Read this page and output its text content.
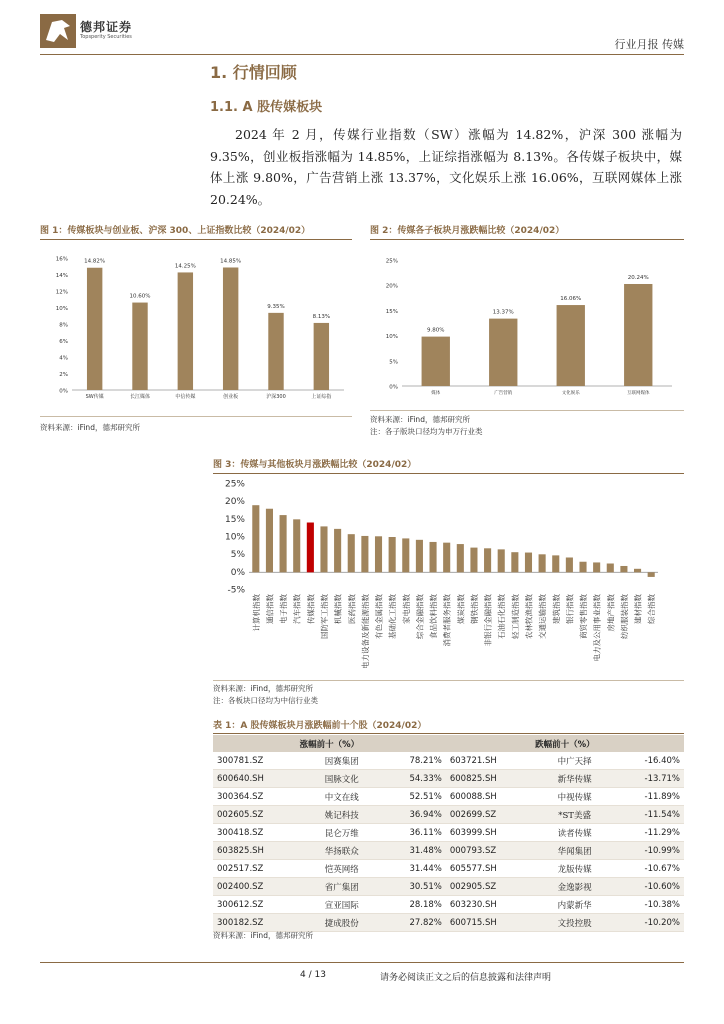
德邦证券
Topsperity Securities
行业月报 传媒
1. 行情回顾
1.1. A 股传媒板块
2024 年 2 月，传媒行业指数（SW）涨幅为 14.82%，沪深 300 涨幅为 9.35%，创业板指涨幅为 14.85%，上证综指涨幅为 8.13%。各传媒子板块中，媒体上涨 9.80%，广告营销上涨 13.37%，文化娱乐上涨 16.06%，互联网媒体上涨 20.24%。
图 1：传媒板块与创业板、沪深 300、上证指数比较（2024/02）
0%
2%
4%
6%
8%
10%
12%
14%
16%	14.82%
SW传媒
10.60%
长江媒体
14.25%
中信传媒
14.85%
创业板
9.35%
沪深300
8.13%
上证综指
资料来源：iFind，德邦研究所
图 2：传媒各子板块月涨跌幅比较（2024/02）
0%
5%
10%
15%
20%
25%
9.80%
媒体
13.37%
广告营销
16.06%
文化娱乐
20.24%
互联网媒体
资料来源：iFind，德邦研究所
注：各子版块口径均为申万行业类
图 3：传媒与其他板块月涨跌幅比较（2024/02）
-5%
0%
5%
10%
15%
20%
25%
计算机指数 通信指数 电子指数 汽车指数 传媒指数 国防军工指数 机械指数 医药指数 电力设备及新能源指数 有色金属指数 基础化工指数 家电指数 综合金融指数 食品饮料指数 消费者服务指数 煤炭指数 钢铁指数 非银行金融指数 石油石化指数 轻工制造指数 农林牧渔指数 交通运输指数 建筑指数 银行指数 商贸零售指数 电力及公用事业指数 房地产指数 纺织服装指数 建材指数 综合指数
资料来源：iFind，德邦研究所
注：各板块口径均为中信行业类
表 1：A 股传媒板块月涨跌幅前十个股（2024/02）
涨幅前十（%）			跌幅前十（%）		
300781.SZ	因赛集团	78.21%	603721.SH	中广天择	-16.40%
600640.SH	国脉文化	54.33%	600825.SH	新华传媒	-13.71%
300364.SZ	中文在线	52.51%	600088.SH	中视传媒	-11.89%
002605.SZ	姚记科技	36.94%	002699.SZ	*ST美盛	-11.54%
300418.SZ	昆仑万维	36.11%	603999.SH	读者传媒	-11.29%
603825.SH	华扬联众	31.48%	000793.SZ	华闻集团	-10.99%
002517.SZ	恺英网络	31.44%	605577.SH	龙版传媒	-10.67%
002400.SZ	省广集团	30.51%	002905.SZ	金逸影视	-10.60%
300612.SZ	宣亚国际	28.18%	603230.SH	内蒙新华	-10.38%
300182.SZ	捷成股份	27.82%	600715.SH	文投控股	-10.20%
资料来源：iFind，德邦研究所
4 / 13	请务必阅读正文之后的信息披露和法律声明
